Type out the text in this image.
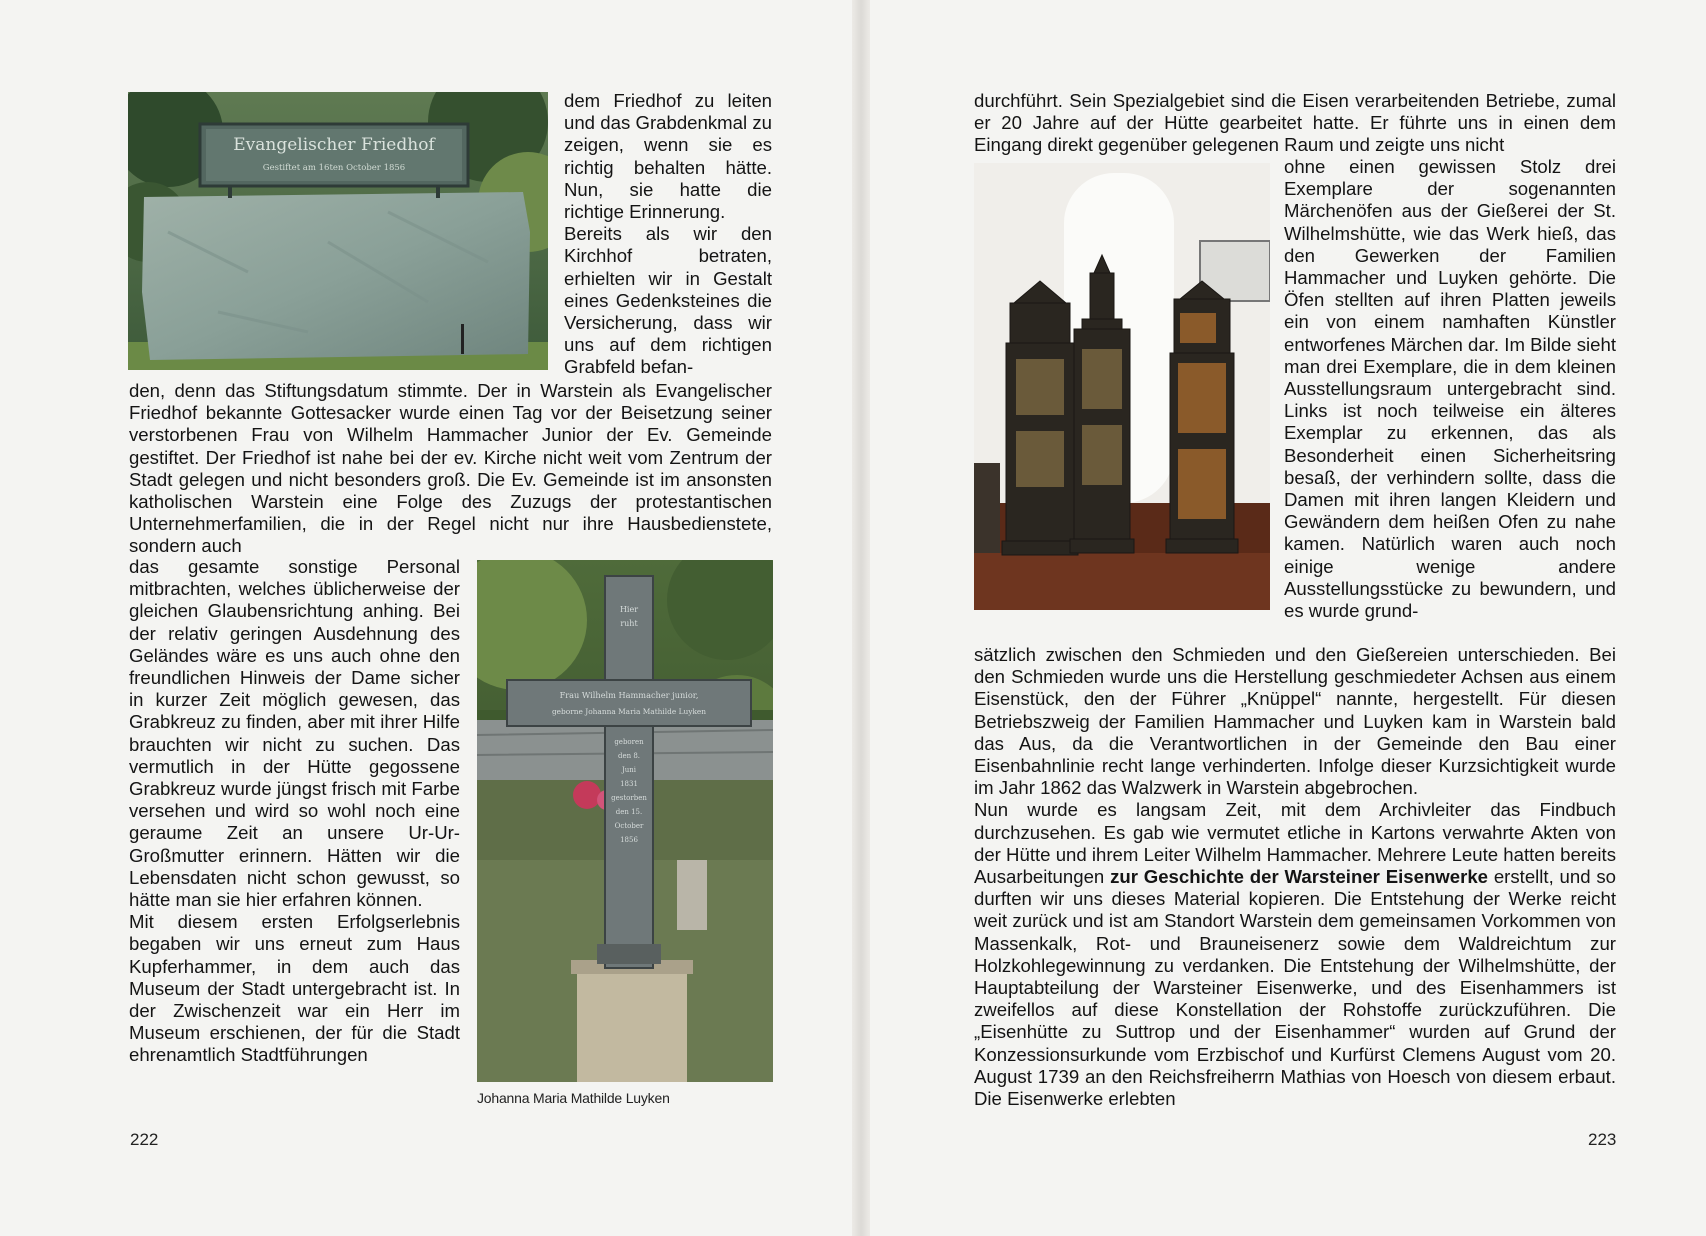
Evangelischer Friedhof
Gestiftet am 16ten October 1856

dem Friedhof zu leiten und das Grabdenkmal zu zeigen, wenn sie es richtig behalten hätte. Nun, sie hatte die richtige Erinnerung.

Bereits als wir den Kirchhof betraten, erhielten wir in Gestalt eines Gedenksteines die Versicherung, dass wir uns auf dem richtigen Grabfeld befan-

den, denn das Stiftungsdatum stimmte. Der in Warstein als Evangelischer Friedhof bekannte Gottesacker wurde einen Tag vor der Beisetzung seiner verstorbenen Frau von Wilhelm Hammacher Junior der Ev. Gemeinde gestiftet. Der Friedhof ist nahe bei der ev. Kirche nicht weit vom Zentrum der Stadt gelegen und nicht besonders groß. Die Ev. Gemeinde ist im ansonsten katholischen Warstein eine Folge des Zuzugs der protestantischen Unternehmerfamilien, die in der Regel nicht nur ihre Hausbedienstete, sondern auch

das gesamte sonstige Personal mitbrachten, welches üblicherweise der gleichen Glaubensrichtung anhing. Bei der relativ geringen Ausdehnung des Geländes wäre es uns auch ohne den freundlichen Hinweis der Dame sicher in kurzer Zeit möglich gewesen, das Grabkreuz zu finden, aber mit ihrer Hilfe brauchten wir nicht zu suchen. Das vermutlich in der Hütte gegossene Grabkreuz wurde jüngst frisch mit Farbe versehen und wird so wohl noch eine geraume Zeit an unsere Ur-Ur-Großmutter erinnern. Hätten wir die Lebensdaten nicht schon gewusst, so hätte man sie hier erfahren können.

Mit diesem ersten Erfolgserlebnis begaben wir uns erneut zum Haus Kupferhammer, in dem auch das Museum der Stadt untergebracht ist. In der Zwischenzeit war ein Herr im Museum erschienen, der für die Stadt ehrenamtlich Stadtführungen

Hier
ruht
Frau Wilhelm Hammacher junior,
geborne Johanna Maria Mathilde Luyken
geboren
den 8.
Juni
1831
gestorben
den 15.
October
1856
Johanna Maria Mathilde Luyken
222

durchführt. Sein Spezialgebiet sind die Eisen verarbeitenden Betriebe, zumal er 20 Jahre auf der Hütte gearbeitet hatte. Er führte uns in einen dem Eingang direkt gegenüber gelegenen Raum und zeigte uns nicht

ohne einen gewissen Stolz drei Exemplare der sogenannten Märchenöfen aus der Gießerei der St. Wilhelmshütte, wie das Werk hieß, das den Gewerken der Familien Hammacher und Luyken gehörte. Die Öfen stellten auf ihren Platten jeweils ein von einem namhaften Künstler entworfenes Märchen dar. Im Bilde sieht man drei Exemplare, die in dem kleinen Ausstellungsraum untergebracht sind. Links ist noch teilweise ein älteres Exemplar zu erkennen, das als Besonderheit einen Sicherheitsring besaß, der verhindern sollte, dass die Damen mit ihren langen Kleidern und Gewändern dem heißen Ofen zu nahe kamen. Natürlich waren auch noch einige wenige andere Ausstellungsstücke zu bewundern, und es wurde grund-

sätzlich zwischen den Schmieden und den Gießereien unterschieden. Bei den Schmieden wurde uns die Herstellung geschmiedeter Achsen aus einem Eisenstück, den der Führer „Knüppel“ nannte, hergestellt. Für diesen Betriebszweig der Familien Hammacher und Luyken kam in Warstein bald das Aus, da die Verantwortlichen in der Gemeinde den Bau einer Eisenbahnlinie recht lange verhinderten. Infolge dieser Kurzsichtigkeit wurde im Jahr 1862 das Walzwerk in Warstein abgebrochen.

Nun wurde es langsam Zeit, mit dem Archivleiter das Findbuch durchzusehen. Es gab wie vermutet etliche in Kartons verwahrte Akten von der Hütte und ihrem Leiter Wilhelm Hammacher. Mehrere Leute hatten bereits Ausarbeitungen zur Geschichte der Warsteiner Eisenwerke erstellt, und so durften wir uns dieses Material kopieren. Die Entstehung der Werke reicht weit zurück und ist am Standort Warstein dem gemeinsamen Vorkommen von Massenkalk, Rot- und Brauneisenerz sowie dem Waldreichtum zur Holzkohlegewinnung zu verdanken. Die Entstehung der Wilhelmshütte, der Hauptabteilung der Warsteiner Eisenwerke, und des Eisenhammers ist zweifellos auf diese Konstellation der Rohstoffe zurückzuführen. Die „Eisenhütte zu Suttrop und der Eisenhammer“ wurden auf Grund der Konzessionsurkunde vom Erzbischof und Kurfürst Clemens August vom 20. August 1739 an den Reichsfreiherrn Mathias von Hoesch von diesem erbaut. Die Eisenwerke erlebten

223
